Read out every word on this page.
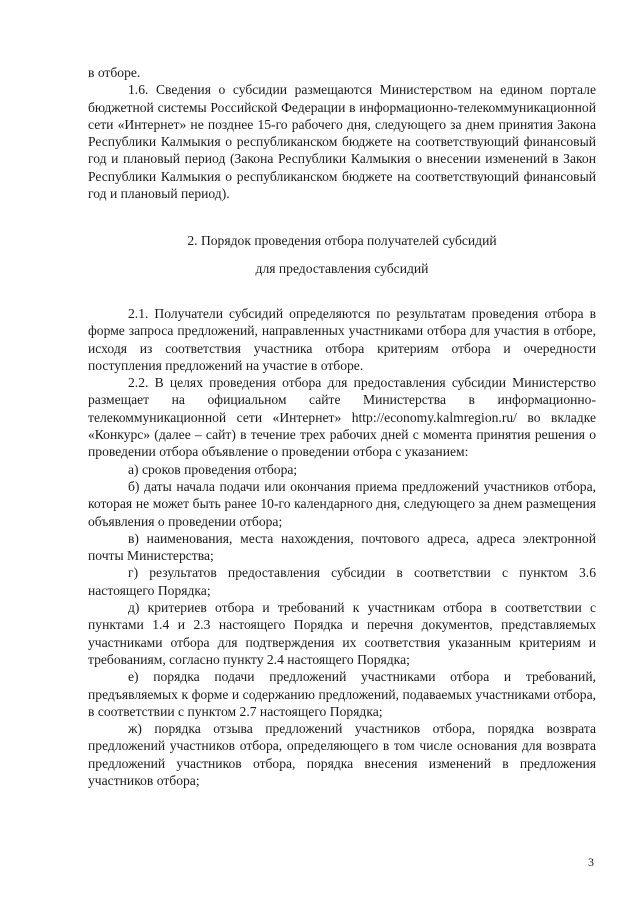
в отборе.

1.6. Сведения о субсидии размещаются Министерством на едином портале бюджетной системы Российской Федерации в информационно-телекоммуникационной сети «Интернет» не позднее 15-го рабочего дня, следующего за днем принятия Закона Республики Калмыкия о республиканском бюджете на соответствующий финансовый год и плановый период (Закона Республики Калмыкия о внесении изменений в Закон Республики Калмыкия о республиканском бюджете на соответствующий финансовый год и плановый период).

2. Порядок проведения отбора получателей субсидий

для предоставления субсидий

2.1. Получатели субсидий определяются по результатам проведения отбора в форме запроса предложений, направленных участниками отбора для участия в отборе, исходя из соответствия участника отбора критериям отбора и очередности поступления предложений на участие в отборе.

2.2. В целях проведения отбора для предоставления субсидии Министерство размещает на официальном сайте Министерства в информационно-телекоммуникационной сети «Интернет» http://economy.kalmregion.ru/ во вкладке «Конкурс» (далее – сайт) в течение трех рабочих дней с момента принятия решения о проведении отбора объявление о проведении отбора с указанием:

а) сроков проведения отбора;

б) даты начала подачи или окончания приема предложений участников отбора, которая не может быть ранее 10-го календарного дня, следующего за днем размещения объявления о проведении отбора;

в) наименования, места нахождения, почтового адреса, адреса электронной почты Министерства;

г) результатов предоставления субсидии в соответствии с пунктом 3.6 настоящего Порядка;

д) критериев отбора и требований к участникам отбора в соответствии с пунктами 1.4 и 2.3 настоящего Порядка и перечня документов, представляемых участниками отбора для подтверждения их соответствия указанным критериям и требованиям, согласно пункту 2.4 настоящего Порядка;

е) порядка подачи предложений участниками отбора и требований, предъявляемых к форме и содержанию предложений, подаваемых участниками отбора, в соответствии с пунктом 2.7 настоящего Порядка;

ж) порядка отзыва предложений участников отбора, порядка возврата предложений участников отбора, определяющего в том числе основания для возврата предложений участников отбора, порядка внесения изменений в предложения участников отбора;

3
